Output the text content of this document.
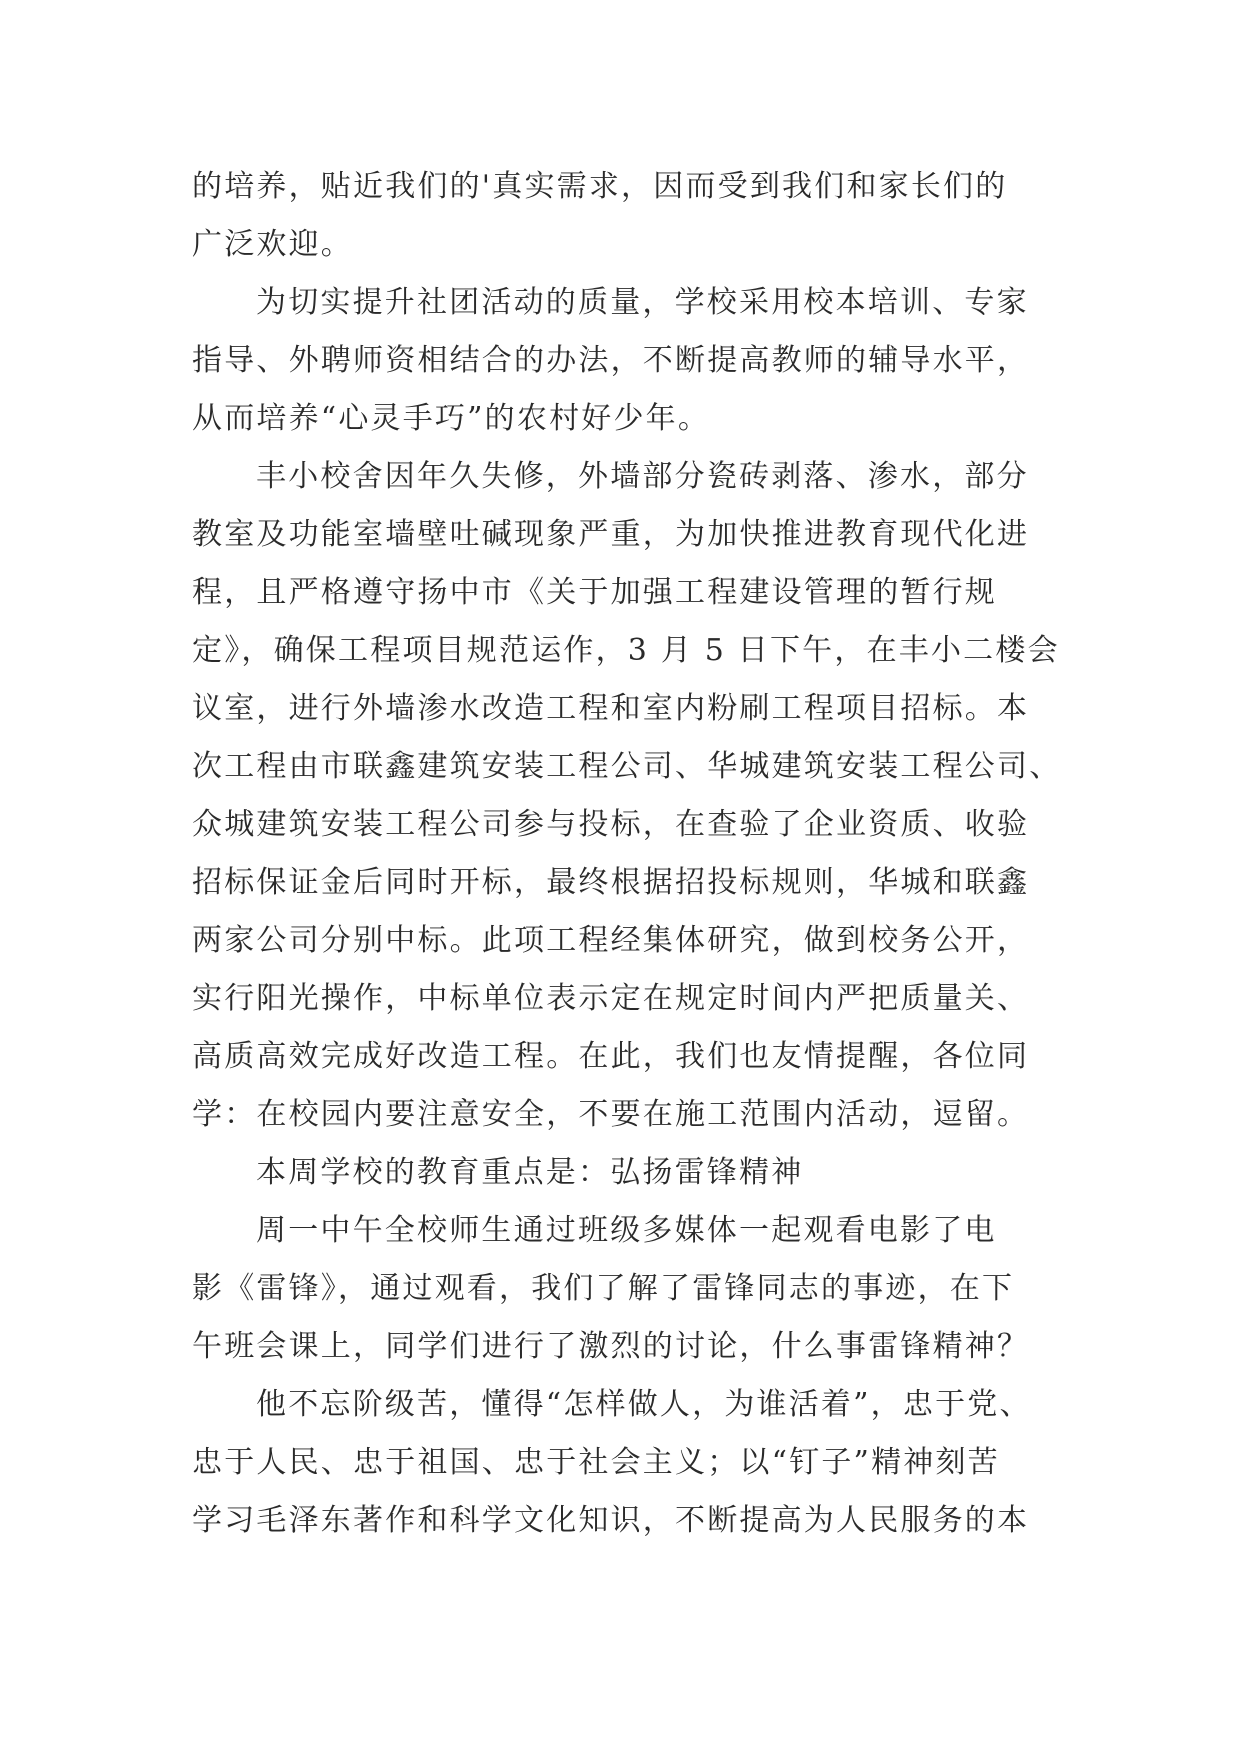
的培养，贴近我们的'真实需求，因而受到我们和家长们的
广泛欢迎。
为切实提升社团活动的质量，学校采用校本培训、专家
指导、外聘师资相结合的办法，不断提高教师的辅导水平，
从而培养“心灵手巧”的农村好少年。
丰小校舍因年久失修，外墙部分瓷砖剥落、渗水，部分
教室及功能室墙壁吐碱现象严重，为加快推进教育现代化进
程，且严格遵守扬中市《关于加强工程建设管理的暂行规
定》，确保工程项目规范运作，3 月 5 日下午，在丰小二楼会
议室，进行外墙渗水改造工程和室内粉刷工程项目招标。本
次工程由市联鑫建筑安装工程公司、华城建筑安装工程公司、
众城建筑安装工程公司参与投标，在查验了企业资质、收验
招标保证金后同时开标，最终根据招投标规则，华城和联鑫
两家公司分别中标。此项工程经集体研究，做到校务公开，
实行阳光操作，中标单位表示定在规定时间内严把质量关、
高质高效完成好改造工程。在此，我们也友情提醒，各位同
学：在校园内要注意安全，不要在施工范围内活动，逗留。
本周学校的教育重点是：弘扬雷锋精神
周一中午全校师生通过班级多媒体一起观看电影了电
影《雷锋》，通过观看，我们了解了雷锋同志的事迹，在下
午班会课上，同学们进行了激烈的讨论，什么事雷锋精神？
他不忘阶级苦，懂得“怎样做人，为谁活着”，忠于党、
忠于人民、忠于祖国、忠于社会主义；以“钉子”精神刻苦
学习毛泽东著作和科学文化知识，不断提高为人民服务的本
